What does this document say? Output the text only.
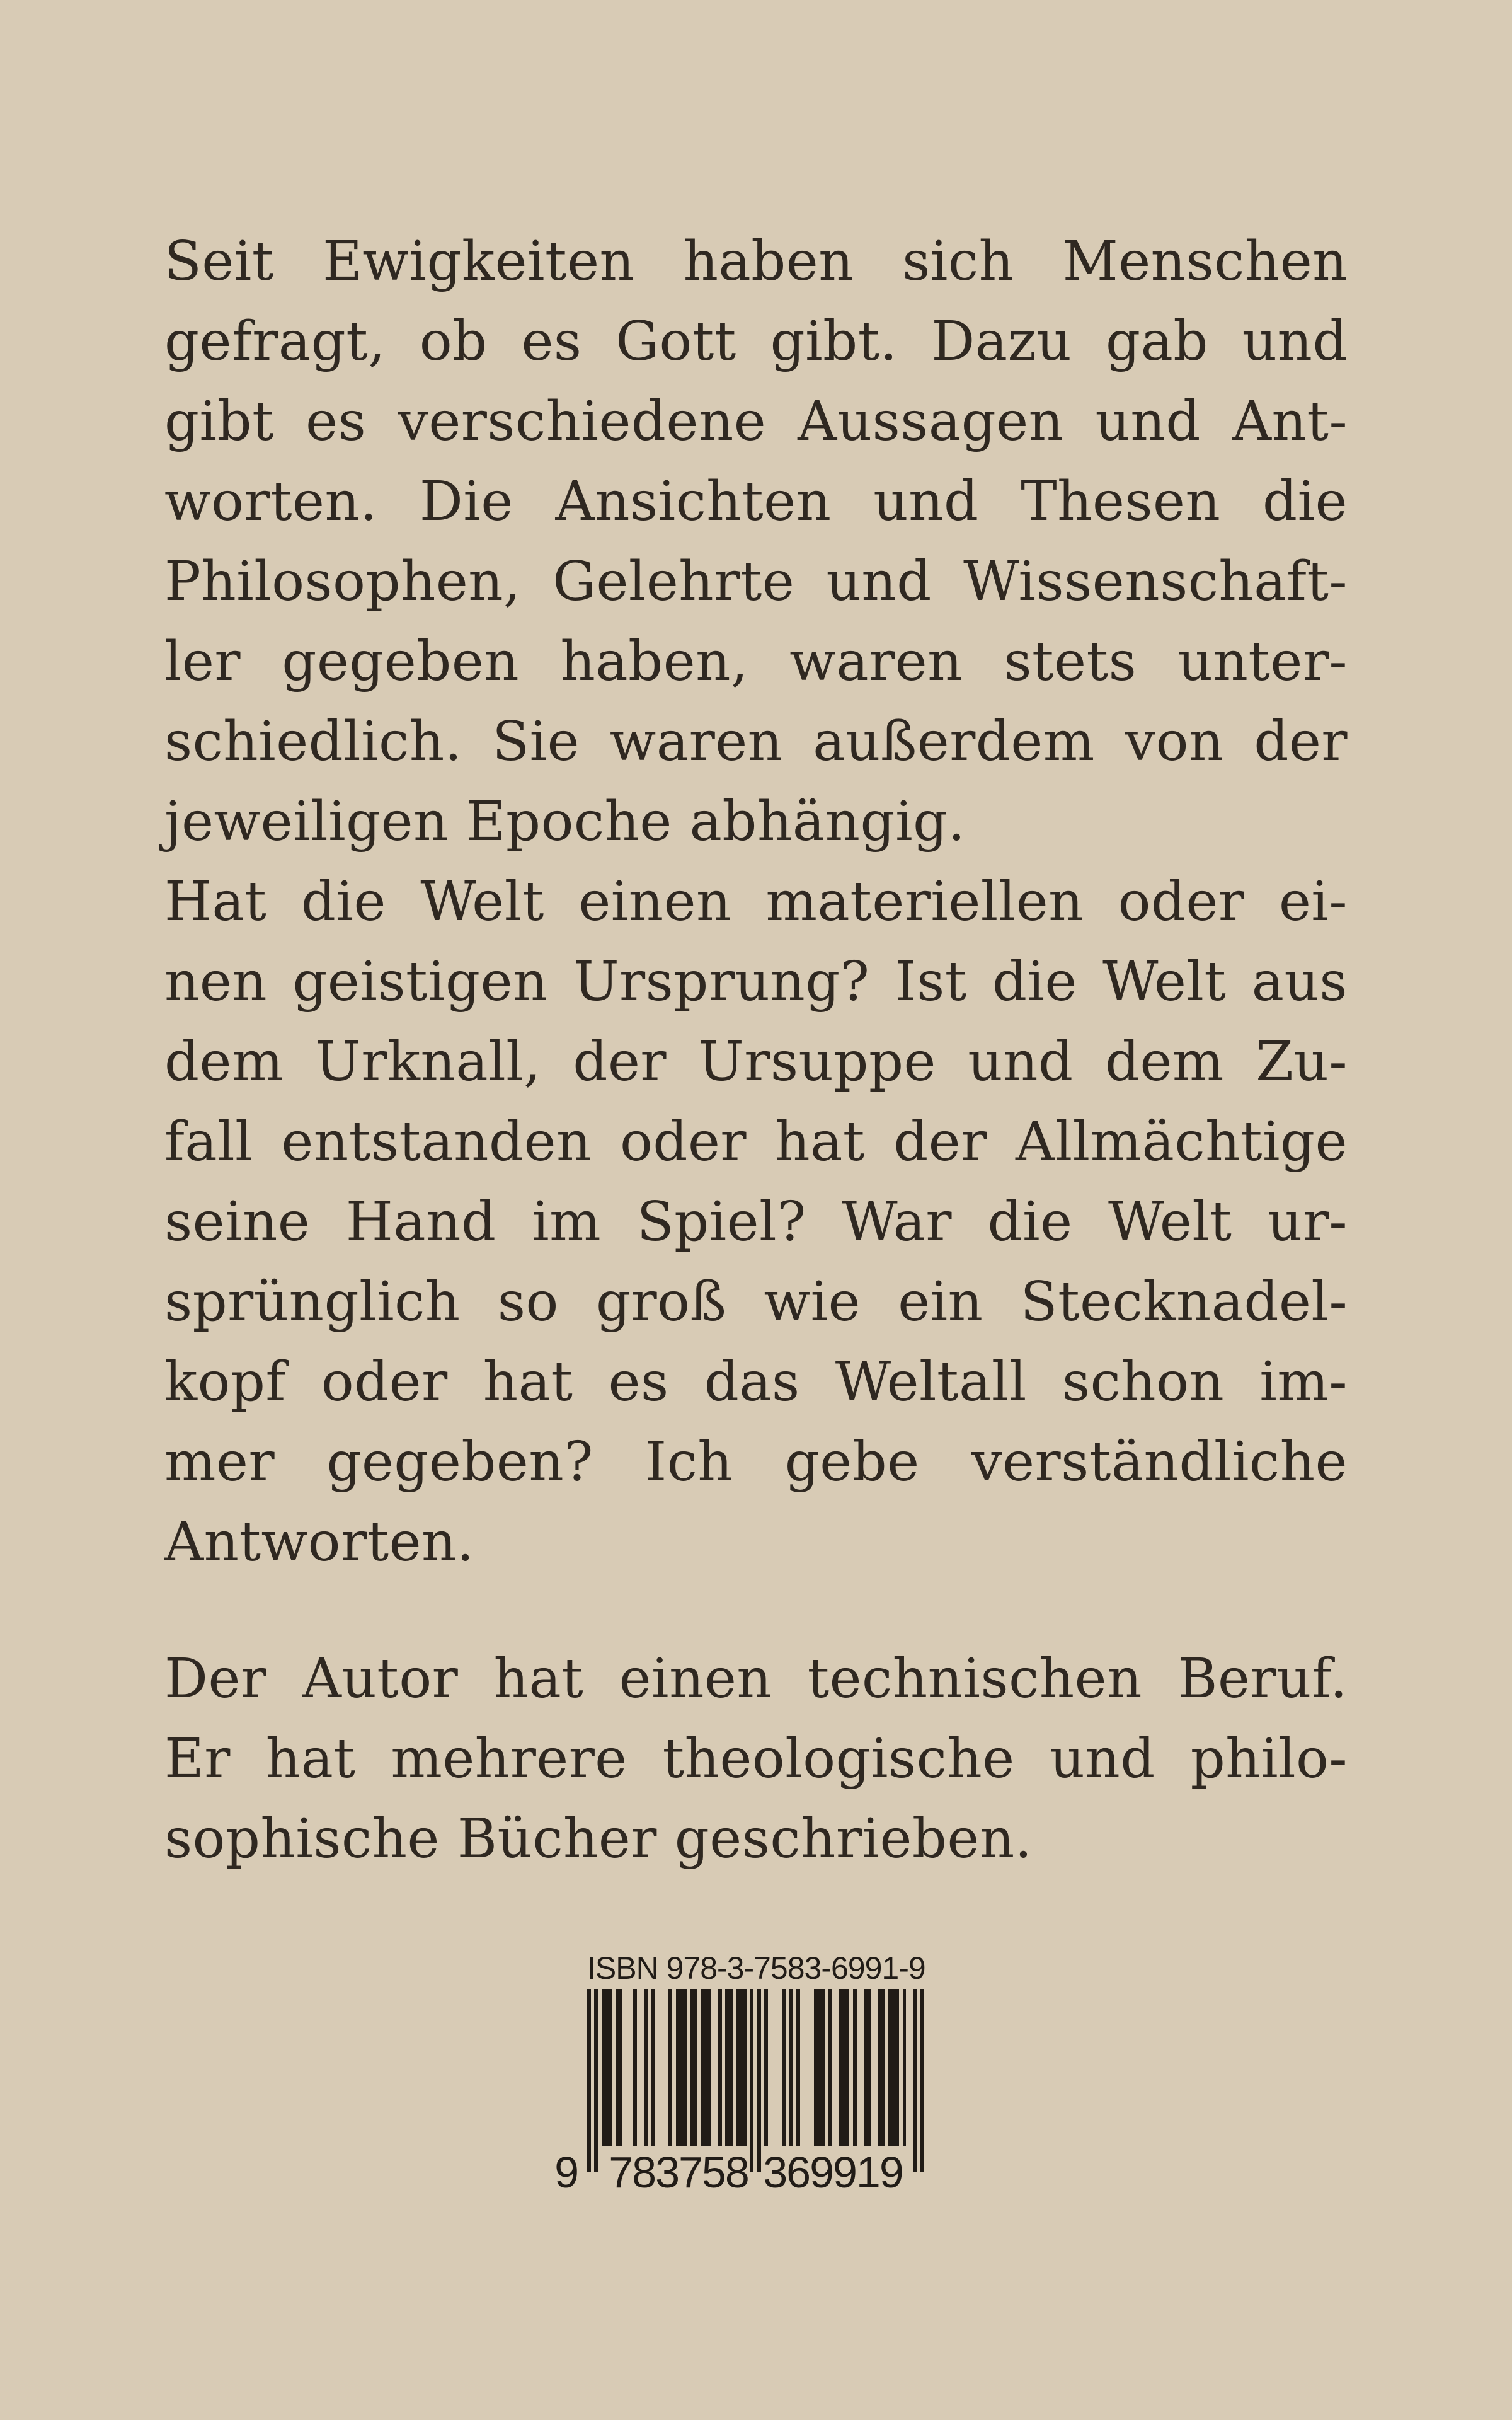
Seit Ewigkeiten haben sich Menschen
gefragt, ob es Gott gibt. Dazu gab und
gibt es verschiedene Aussagen und Ant-
worten. Die Ansichten und Thesen die
Philosophen, Gelehrte und Wissenschaft-
ler gegeben haben, waren stets unter-
schiedlich. Sie waren außerdem von der
jeweiligen Epoche abhängig.
Hat die Welt einen materiellen oder ei-
nen geistigen Ursprung? Ist die Welt aus
dem Urknall, der Ursuppe und dem Zu-
fall entstanden oder hat der Allmächtige
seine Hand im Spiel? War die Welt ur-
sprünglich so groß wie ein Stecknadel-
kopf oder hat es das Weltall schon im-
mer gegeben? Ich gebe verständliche
Antworten.
Der Autor hat einen technischen Beruf.
Er hat mehrere theologische und philo-
sophische Bücher geschrieben.
ISBN 978-3-7583-6991-9
9 783758 369919
